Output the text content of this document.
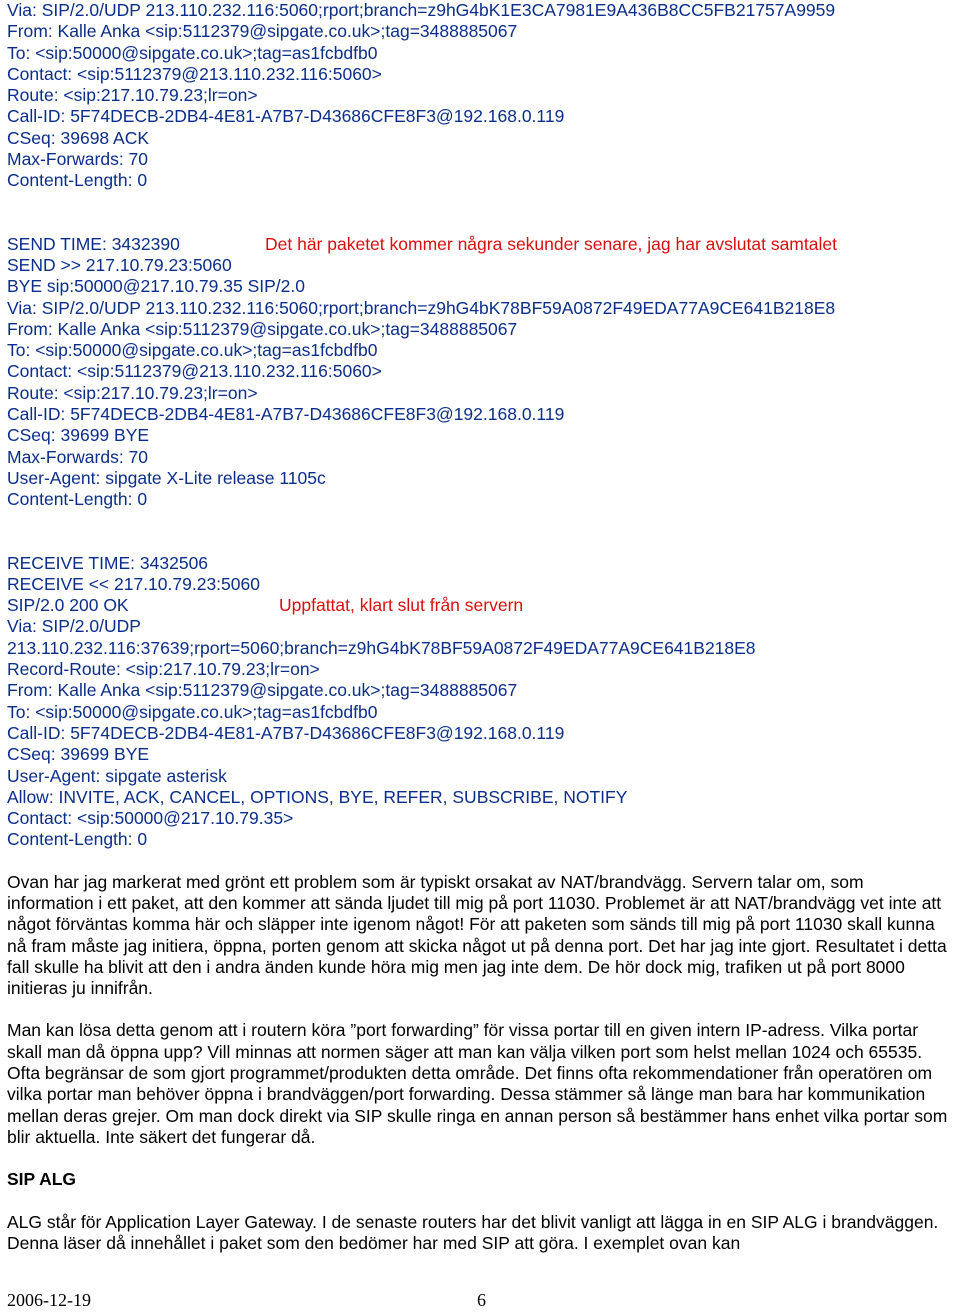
Via: SIP/2.0/UDP 213.110.232.116:5060;rport;branch=z9hG4bK1E3CA7981E9A436B8CC5FB21757A9959
From: Kalle Anka <sip:5112379@sipgate.co.uk>;tag=3488885067
To: <sip:50000@sipgate.co.uk>;tag=as1fcbdfb0
Contact: <sip:5112379@213.110.232.116:5060>
Route: <sip:217.10.79.23;lr=on>
Call-ID: 5F74DECB-2DB4-4E81-A7B7-D43686CFE8F3@192.168.0.119
CSeq: 39698 ACK
Max-Forwards: 70
Content-Length: 0
SEND TIME: 3432390	Det här paketet kommer några sekunder senare, jag har avslutat samtalet
SEND >> 217.10.79.23:5060
BYE sip:50000@217.10.79.35 SIP/2.0
Via: SIP/2.0/UDP 213.110.232.116:5060;rport;branch=z9hG4bK78BF59A0872F49EDA77A9CE641B218E8
From: Kalle Anka <sip:5112379@sipgate.co.uk>;tag=3488885067
To: <sip:50000@sipgate.co.uk>;tag=as1fcbdfb0
Contact: <sip:5112379@213.110.232.116:5060>
Route: <sip:217.10.79.23;lr=on>
Call-ID: 5F74DECB-2DB4-4E81-A7B7-D43686CFE8F3@192.168.0.119
CSeq: 39699 BYE
Max-Forwards: 70
User-Agent: sipgate X-Lite release 1105c
Content-Length: 0
RECEIVE TIME: 3432506
RECEIVE << 217.10.79.23:5060
SIP/2.0 200 OK	Uppfattat, klart slut från servern
Via: SIP/2.0/UDP
213.110.232.116:37639;rport=5060;branch=z9hG4bK78BF59A0872F49EDA77A9CE641B218E8
Record-Route: <sip:217.10.79.23;lr=on>
From: Kalle Anka <sip:5112379@sipgate.co.uk>;tag=3488885067
To: <sip:50000@sipgate.co.uk>;tag=as1fcbdfb0
Call-ID: 5F74DECB-2DB4-4E81-A7B7-D43686CFE8F3@192.168.0.119
CSeq: 39699 BYE
User-Agent: sipgate asterisk
Allow: INVITE, ACK, CANCEL, OPTIONS, BYE, REFER, SUBSCRIBE, NOTIFY
Contact: <sip:50000@217.10.79.35>
Content-Length: 0

Ovan har jag markerat med grönt ett problem som är typiskt orsakat av NAT/brandvägg. Servern talar om, som information i ett paket, att den kommer att sända ljudet till mig på port 11030. Problemet är att NAT/brandvägg vet inte att något förväntas komma här och släpper inte igenom något! För att paketen som sänds till mig på port 11030 skall kunna nå fram måste jag initiera, öppna, porten genom att skicka något ut på denna port. Det har jag inte gjort. Resultatet i detta fall skulle ha blivit att den i andra änden kunde höra mig men jag inte dem. De hör dock mig, trafiken ut på port 8000 initieras ju innifrån.

Man kan lösa detta genom att i routern köra ”port forwarding” för vissa portar till en given intern IP-adress. Vilka portar skall man då öppna upp? Vill minnas att normen säger att man kan välja vilken port som helst mellan 1024 och 65535. Ofta begränsar de som gjort programmet/produkten detta område. Det finns ofta rekommendationer från operatören om vilka portar man behöver öppna i brandväggen/port forwarding. Dessa stämmer så länge man bara har kommunikation mellan deras grejer. Om man dock direkt via SIP skulle ringa en annan person så bestämmer hans enhet vilka portar som blir aktuella. Inte säkert det fungerar då.

SIP ALG

ALG står för Application Layer Gateway. I de senaste routers har det blivit vanligt att lägga in en SIP ALG i brandväggen. Denna läser då innehållet i paket som den bedömer har med SIP att göra. I exemplet ovan kan

2006-12-19	6
